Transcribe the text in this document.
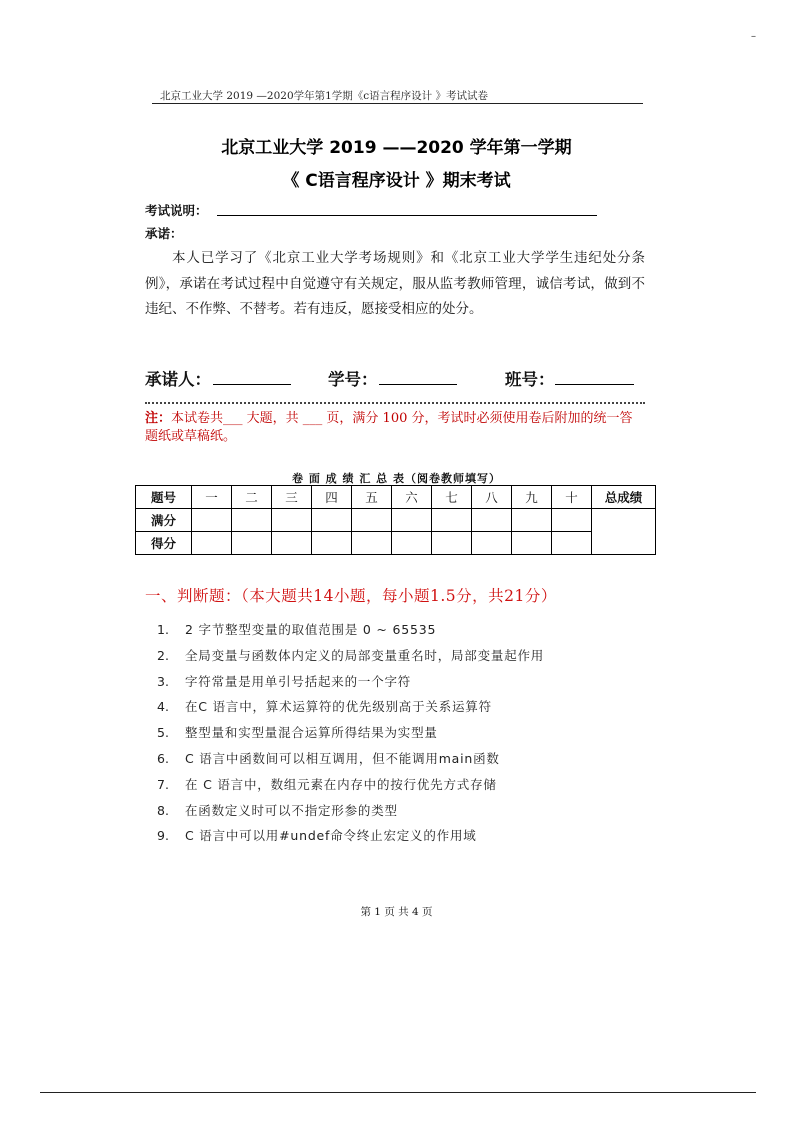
–
北京工业大学 2019 —2020学年第1学期《c语言程序设计 》考试试卷
北京工业大学 2019 ——2020 学年第一学期
《 C语言程序设计 》期末考试
考试说明：
承诺：
本人已学习了《北京工业大学考场规则》和《北京工业大学学生违纪处分条例》，承诺在考试过程中自觉遵守有关规定，服从监考教师管理，诚信考试，做到不违纪、不作弊、不替考。若有违反，愿接受相应的处分。
承诺人：	学号：	班号：
注：本试卷共___ 大题，共 ___ 页，满分 100 分，考试时必须使用卷后附加的统一答题纸或草稿纸。
卷 面 成 绩 汇 总 表（阅卷教师填写）
题号	一	二	三	四	五	六	七	八	九	十	总成绩
满分											
得分											
一、判断题：（本大题共14小题，每小题1.5分，共21分）
1. 2 字节整型变量的取值范围是 0 ~ 65535
2. 全局变量与函数体内定义的局部变量重名时，局部变量起作用
3. 字符常量是用单引号括起来的一个字符
4. 在C 语言中，算术运算符的优先级别高于关系运算符
5. 整型量和实型量混合运算所得结果为实型量
6. C 语言中函数间可以相互调用，但不能调用main函数
7. 在 C 语言中，数组元素在内存中的按行优先方式存储
8. 在函数定义时可以不指定形参的类型
9. C 语言中可以用#undef命令终止宏定义的作用域
第 1 页 共 4 页
